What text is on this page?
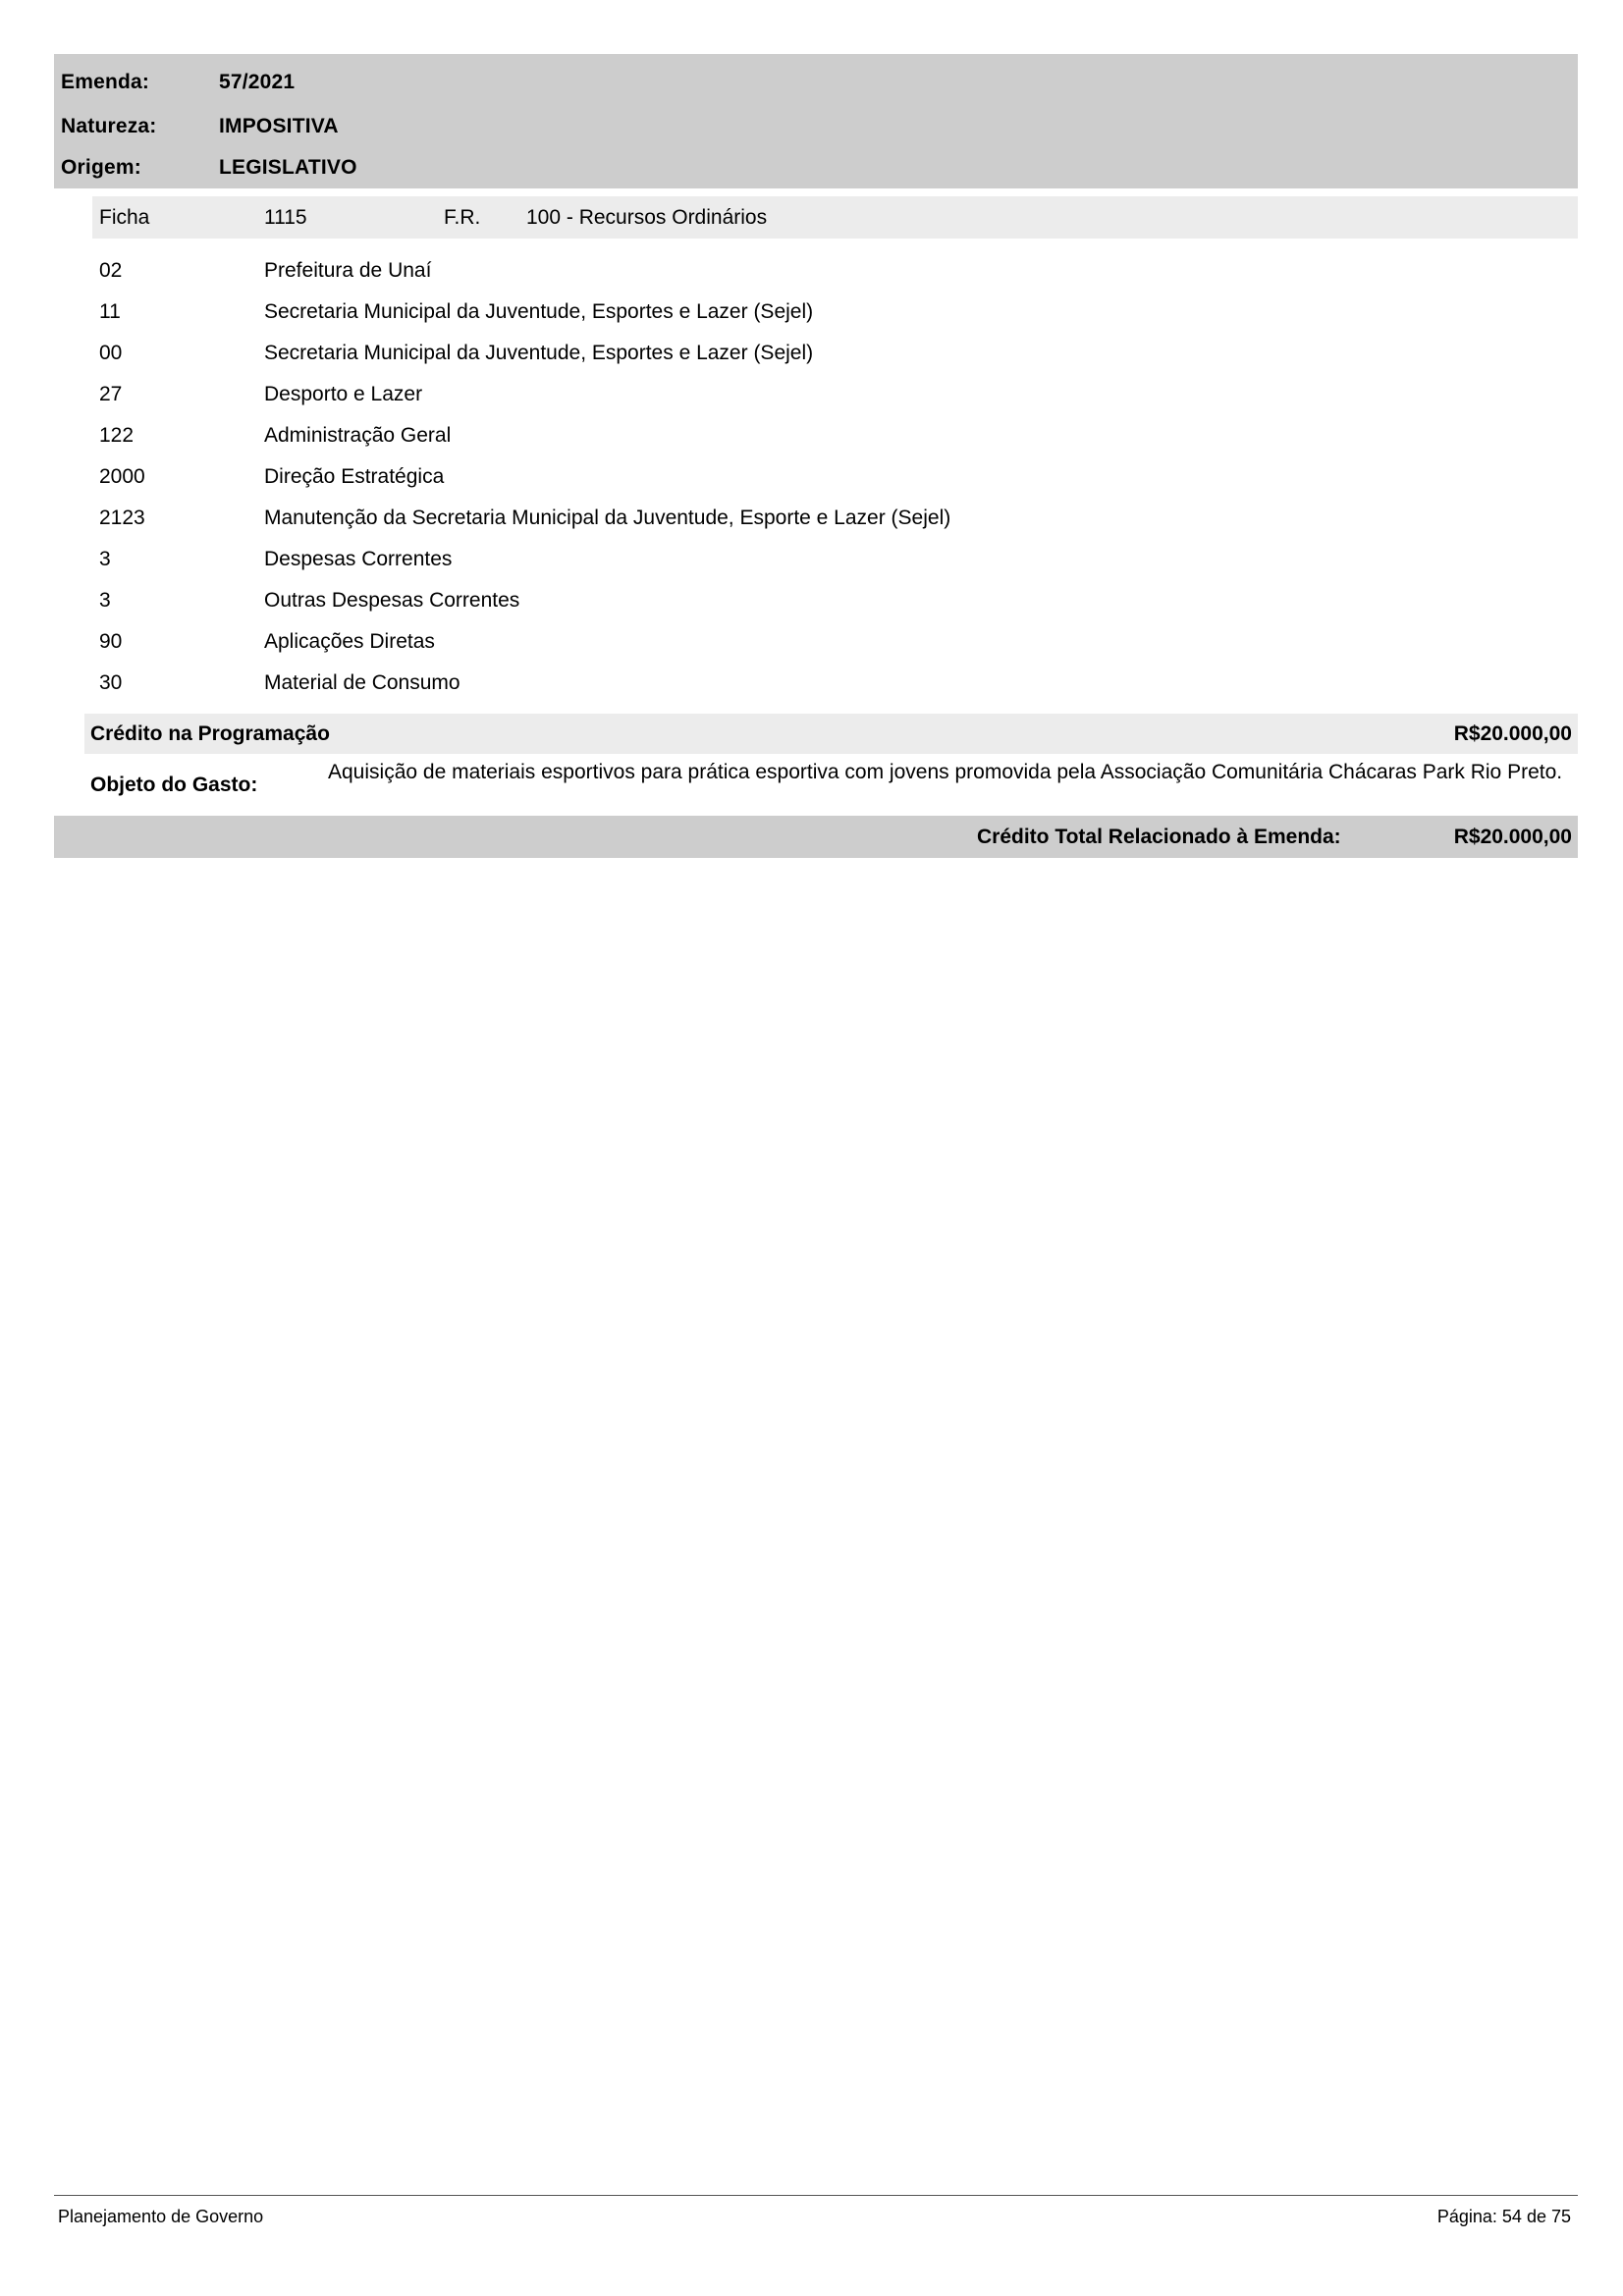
Emenda:	57/2021
Natureza:	IMPOSITIVA
Origem:	LEGISLATIVO
Ficha	1115	F.R. 100 - Recursos Ordinários
02	Prefeitura de Unaí
11	Secretaria Municipal da Juventude, Esportes e Lazer (Sejel)
00	Secretaria Municipal da Juventude, Esportes e Lazer (Sejel)
27	Desporto e Lazer
122	Administração Geral
2000	Direção Estratégica
2123	Manutenção da Secretaria Municipal da Juventude, Esporte e Lazer (Sejel)
3	Despesas Correntes
3	Outras Despesas Correntes
90	Aplicações Diretas
30	Material de Consumo
Crédito na Programação	R$20.000,00
Objeto do Gasto:
Aquisição de materiais esportivos para prática esportiva com jovens promovida pela Associação Comunitária Chácaras Park Rio Preto.
Crédito Total Relacionado à Emenda:	R$20.000,00
Planejamento de Governo	Página: 54 de 75
